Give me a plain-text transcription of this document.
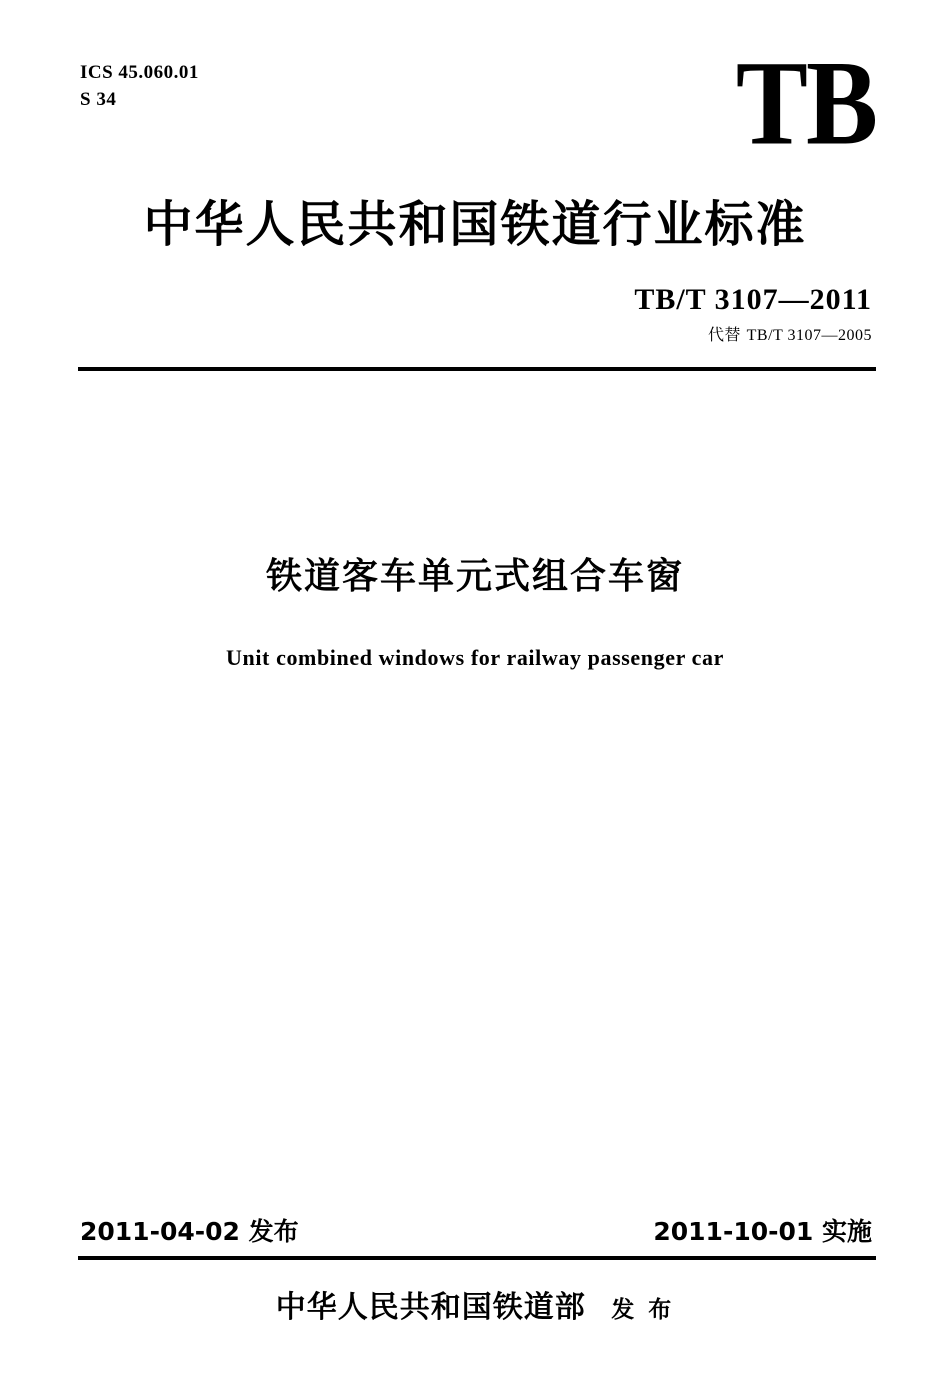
ICS 45.060.01
S 34	TB
中华人民共和国铁道行业标准
TB/T 3107—2011
代替 TB/T 3107—2005
铁道客车单元式组合车窗
Unit combined windows for railway passenger car
2011-04-02 发布	2011-10-01 实施
中华人民共和国铁道部 发 布
